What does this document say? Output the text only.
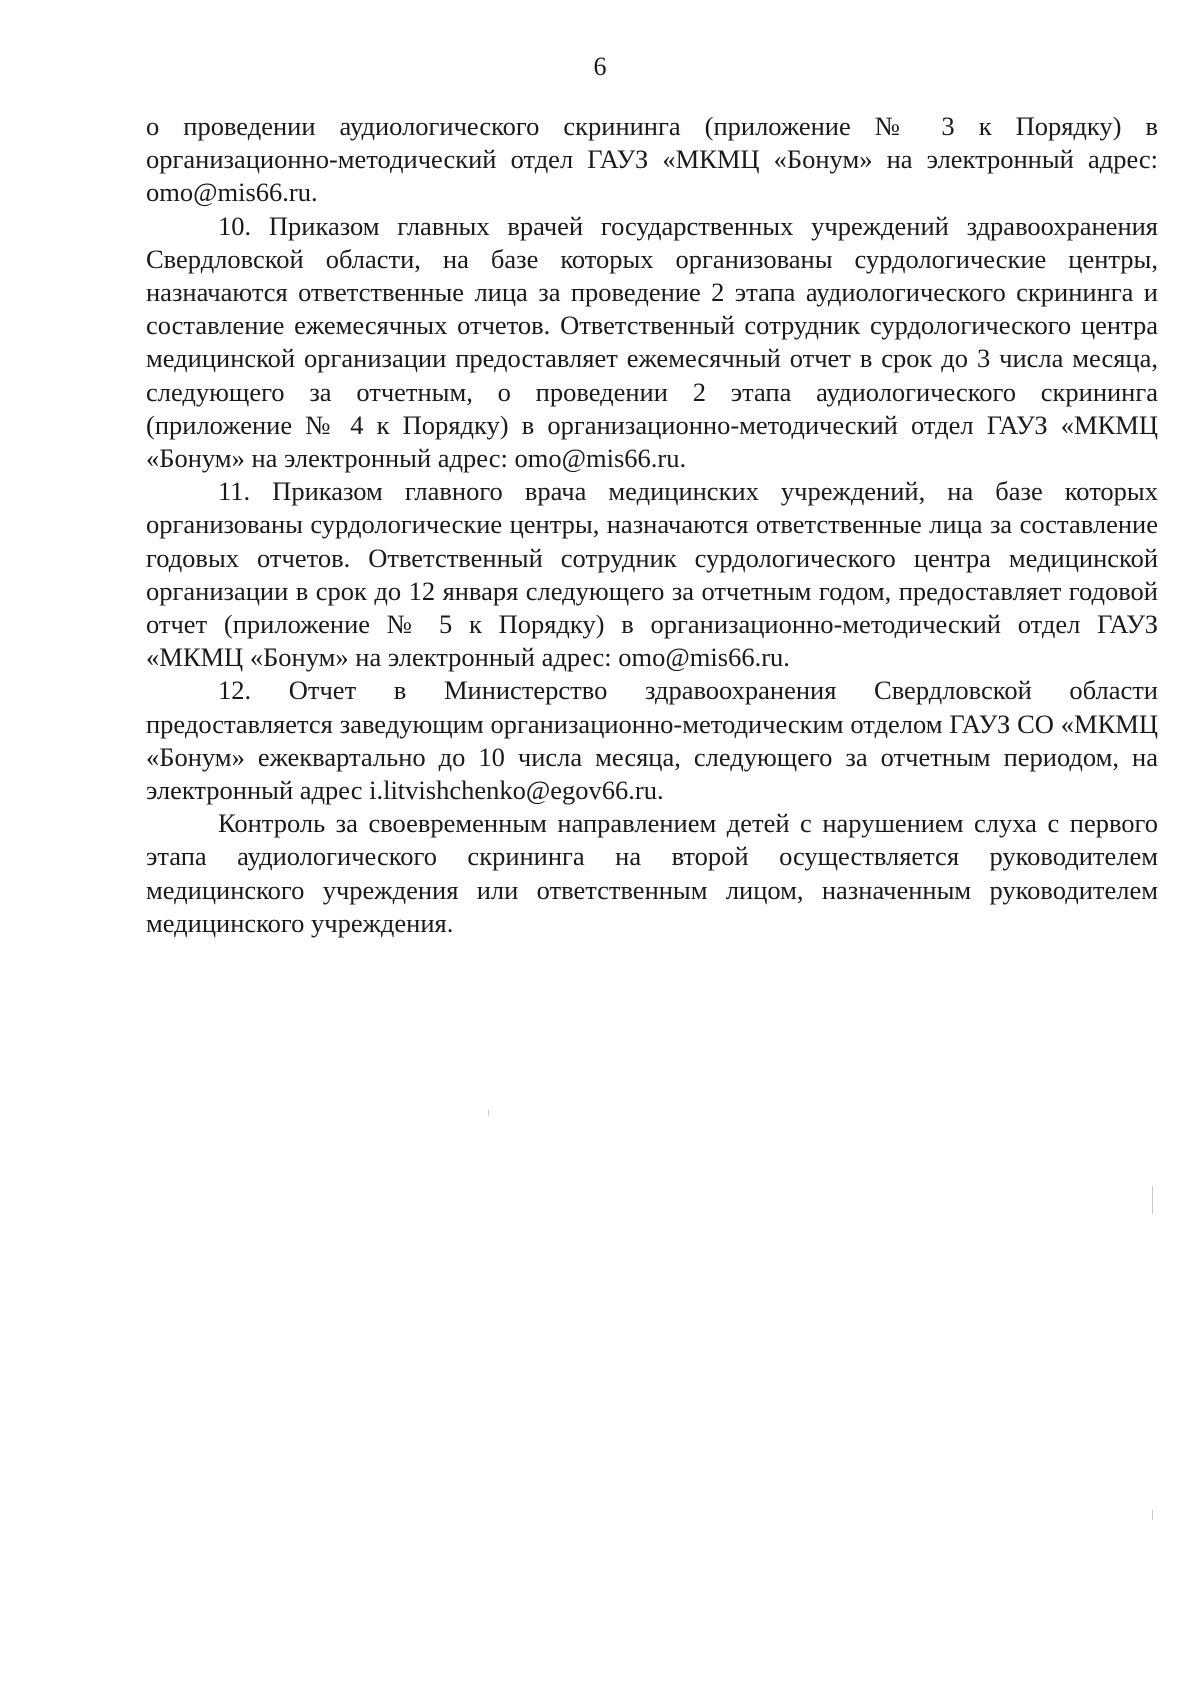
6

о проведении аудиологического скрининга (приложение № 3 к Порядку) в организационно-методический отдел ГАУЗ «МКМЦ «Бонум» на электронный адрес: omo@mis66.ru.

10. Приказом главных врачей государственных учреждений здравоохранения Свердловской области, на базе которых организованы сурдологические центры, назначаются ответственные лица за проведение 2 этапа аудиологического скрининга и составление ежемесячных отчетов. Ответственный сотрудник сурдологического центра медицинской организации предоставляет ежемесячный отчет в срок до 3 числа месяца, следующего за отчетным, о проведении 2 этапа аудиологического скрининга (приложение № 4 к Порядку) в организационно-методический отдел ГАУЗ «МКМЦ «Бонум» на электронный адрес: omo@mis66.ru.

11. Приказом главного врача медицинских учреждений, на базе которых организованы сурдологические центры, назначаются ответственные лица за составление годовых отчетов. Ответственный сотрудник сурдологического центра медицинской организации в срок до 12 января следующего за отчетным годом, предоставляет годовой отчет (приложение № 5 к Порядку) в организационно-методический отдел ГАУЗ «МКМЦ «Бонум» на электронный адрес: omo@mis66.ru.

12. Отчет в Министерство здравоохранения Свердловской области предоставляется заведующим организационно-методическим отделом ГАУЗ СО «МКМЦ «Бонум» ежеквартально до 10 числа месяца, следующего за отчетным периодом, на электронный адрес i.litvishchenko@egov66.ru.

Контроль за своевременным направлением детей с нарушением слуха с первого этапа аудиологического скрининга на второй осуществляется руководителем медицинского учреждения или ответственным лицом, назначенным руководителем медицинского учреждения.
